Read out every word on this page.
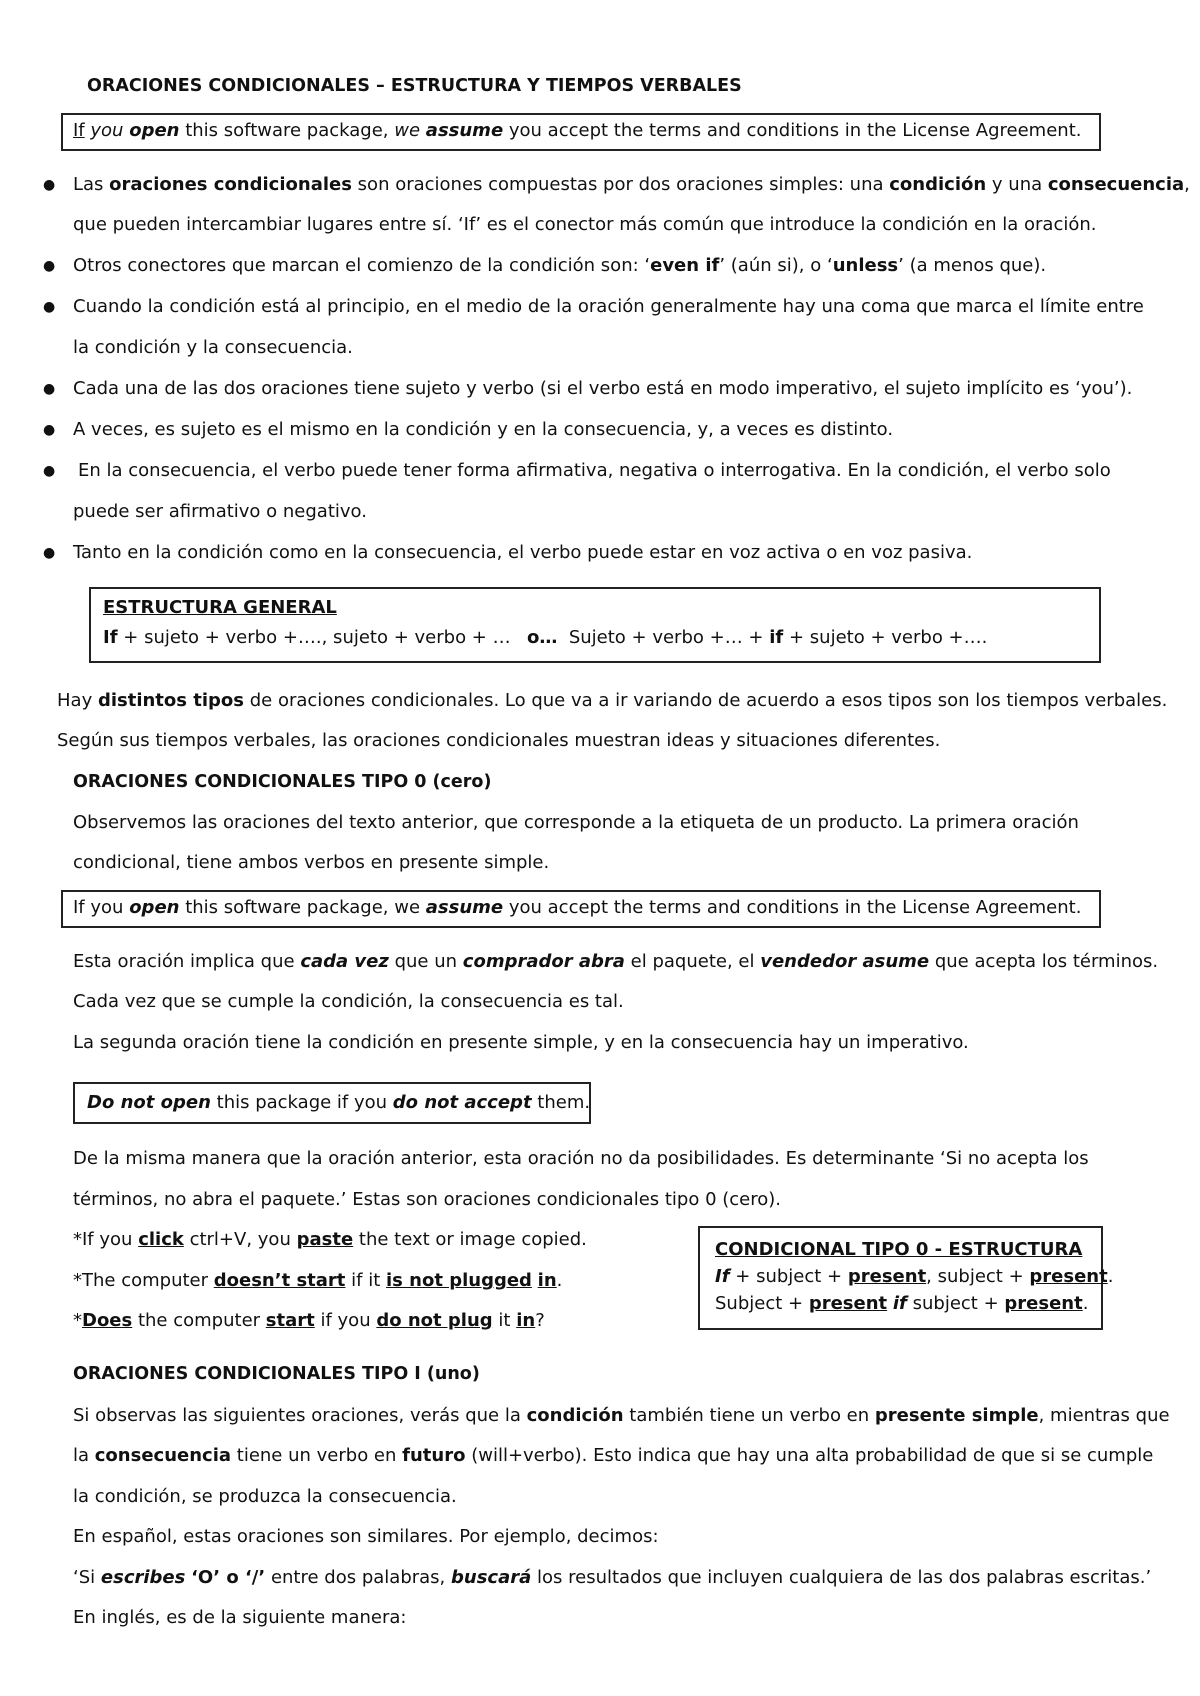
ORACIONES CONDICIONALES – ESTRUCTURA Y TIEMPOS VERBALES
If you open this software package, we assume you accept the terms and conditions in the License Agreement.
● Las oraciones condicionales son oraciones compuestas por dos oraciones simples: una condición y una consecuencia,
que pueden intercambiar lugares entre sí. ‘If’ es el conector más común que introduce la condición en la oración.
● Otros conectores que marcan el comienzo de la condición son: ‘even if’ (aún si), o ‘unless’ (a menos que).
● Cuando la condición está al principio, en el medio de la oración generalmente hay una coma que marca el límite entre
la condición y la consecuencia.
● Cada una de las dos oraciones tiene sujeto y verbo (si el verbo está en modo imperativo, el sujeto implícito es ‘you’).
● A veces, es sujeto es el mismo en la condición y en la consecuencia, y, a veces es distinto.
● En la consecuencia, el verbo puede tener forma afirmativa, negativa o interrogativa. En la condición, el verbo solo
puede ser afirmativo o negativo.
● Tanto en la condición como en la consecuencia, el verbo puede estar en voz activa o en voz pasiva.
ESTRUCTURA GENERAL
If + sujeto + verbo +…., sujeto + verbo + … o… Sujeto + verbo +… + if + sujeto + verbo +….
Hay distintos tipos de oraciones condicionales. Lo que va a ir variando de acuerdo a esos tipos son los tiempos verbales.
Según sus tiempos verbales, las oraciones condicionales muestran ideas y situaciones diferentes.
ORACIONES CONDICIONALES TIPO 0 (cero)
Observemos las oraciones del texto anterior, que corresponde a la etiqueta de un producto. La primera oración
condicional, tiene ambos verbos en presente simple.
If you open this software package, we assume you accept the terms and conditions in the License Agreement.
Esta oración implica que cada vez que un comprador abra el paquete, el vendedor asume que acepta los términos.
Cada vez que se cumple la condición, la consecuencia es tal.
La segunda oración tiene la condición en presente simple, y en la consecuencia hay un imperativo.
Do not open this package if you do not accept them.
De la misma manera que la oración anterior, esta oración no da posibilidades. Es determinante ‘Si no acepta los
términos, no abra el paquete.’ Estas son oraciones condicionales tipo 0 (cero).
*If you click ctrl+V, you paste the text or image copied.
*The computer doesn’t start if it is not plugged in.
*Does the computer start if you do not plug it in?
CONDICIONAL TIPO 0 - ESTRUCTURA
If + subject + present, subject + present.
Subject + present if subject + present.
ORACIONES CONDICIONALES TIPO I (uno)
Si observas las siguientes oraciones, verás que la condición también tiene un verbo en presente simple, mientras que
la consecuencia tiene un verbo en futuro (will+verbo). Esto indica que hay una alta probabilidad de que si se cumple
la condición, se produzca la consecuencia.
En español, estas oraciones son similares. Por ejemplo, decimos:
‘Si escribes ‘O’ o ‘/’ entre dos palabras, buscará los resultados que incluyen cualquiera de las dos palabras escritas.’
En inglés, es de la siguiente manera:
